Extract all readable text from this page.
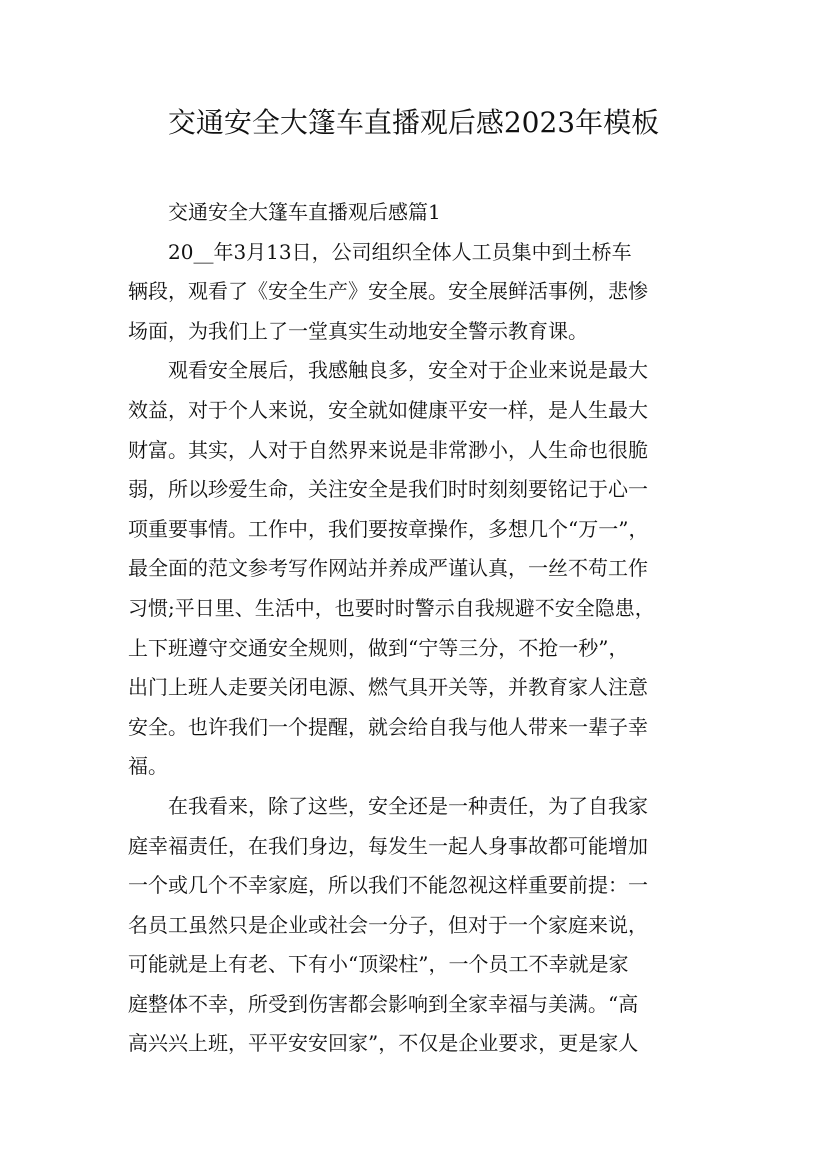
交通安全大篷车直播观后感2023年模板

交通安全大篷车直播观后感篇1

20__年3月13日，公司组织全体人工员集中到土桥车
辆段，观看了《安全生产》安全展。安全展鲜活事例，悲惨
场面，为我们上了一堂真实生动地安全警示教育课。

观看安全展后，我感触良多，安全对于企业来说是最大
效益，对于个人来说，安全就如健康平安一样，是人生最大
财富。其实，人对于自然界来说是非常渺小，人生命也很脆
弱，所以珍爱生命，关注安全是我们时时刻刻要铭记于心一
项重要事情。工作中，我们要按章操作，多想几个“万一”，
最全面的范文参考写作网站并养成严谨认真，一丝不苟工作
习惯;平日里、生活中，也要时时警示自我规避不安全隐患，
上下班遵守交通安全规则，做到“宁等三分，不抢一秒”，
出门上班人走要关闭电源、燃气具开关等，并教育家人注意
安全。也许我们一个提醒，就会给自我与他人带来一辈子幸
福。

在我看来，除了这些，安全还是一种责任，为了自我家
庭幸福责任，在我们身边，每发生一起人身事故都可能增加
一个或几个不幸家庭，所以我们不能忽视这样重要前提：一
名员工虽然只是企业或社会一分子，但对于一个家庭来说，
可能就是上有老、下有小“顶梁柱”，一个员工不幸就是家
庭整体不幸，所受到伤害都会影响到全家幸福与美满。“高
高兴兴上班，平平安安回家”，不仅是企业要求，更是家人
